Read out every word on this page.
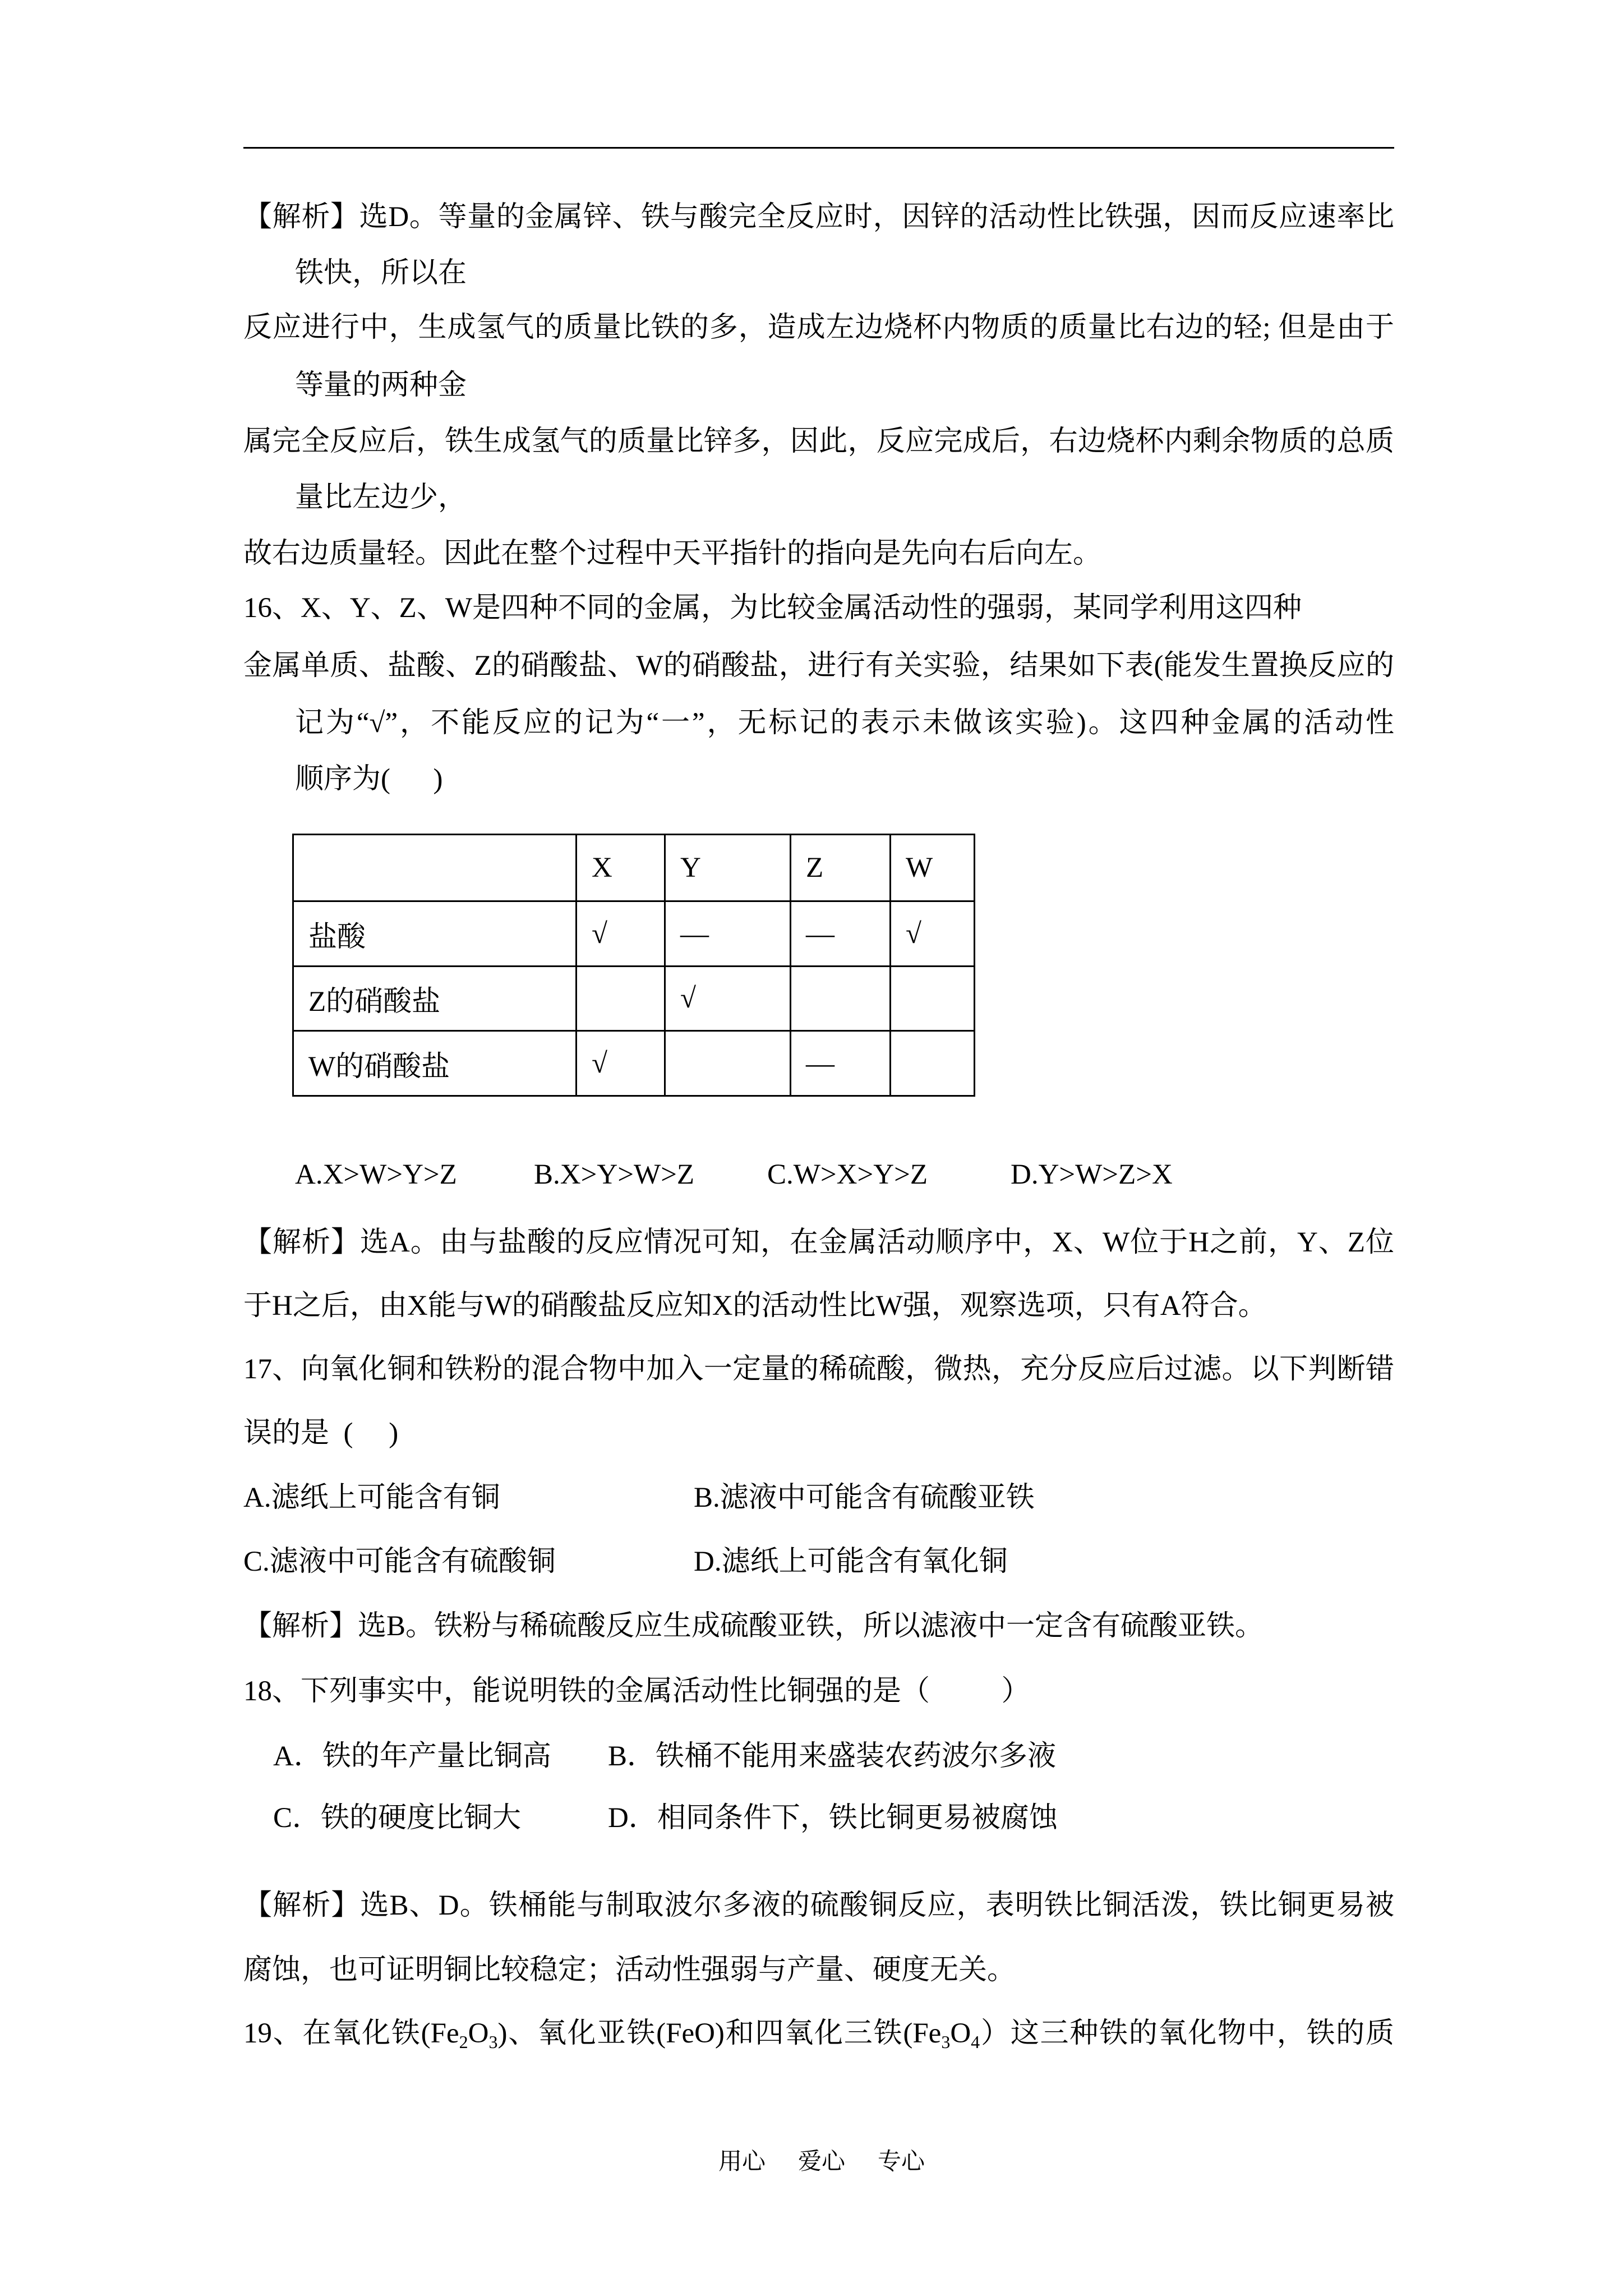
【解析】选D。等量的金属锌、铁与酸完全反应时，因锌的活动性比铁强，因而反应速率比
铁快，所以在
反应进行中，生成氢气的质量比铁的多，造成左边烧杯内物质的质量比右边的轻; 但是由于
等量的两种金
属完全反应后，铁生成氢气的质量比锌多，因此，反应完成后，右边烧杯内剩余物质的总质
量比左边少，
故右边质量轻。因此在整个过程中天平指针的指向是先向右后向左。
16、X、Y、Z、W是四种不同的金属，为比较金属活动性的强弱，某同学利用这四种
金属单质、盐酸、Z的硝酸盐、W的硝酸盐，进行有关实验，结果如下表(能发生置换反应的
记为“√”，不能反应的记为“一”，无标记的表示未做该实验)。这四种金属的活动性
顺序为(      )
	X	Y	Z	W
盐酸	√	—	—	√
Z的硝酸盐		√		
W的硝酸盐	√		—	
A.X>W>Y>Z	B.X>Y>W>Z	C.W>X>Y>Z	D.Y>W>Z>X
【解析】选A。由与盐酸的反应情况可知，在金属活动顺序中，X、W位于H之前，Y、Z位
于H之后，由X能与W的硝酸盐反应知X的活动性比W强，观察选项，只有A符合。
17、向氧化铜和铁粉的混合物中加入一定量的稀硫酸，微热，充分反应后过滤。以下判断错
误的是  (     )
A.滤纸上可能含有铜	B.滤液中可能含有硫酸亚铁
C.滤液中可能含有硫酸铜	D.滤纸上可能含有氧化铜
【解析】选B。铁粉与稀硫酸反应生成硫酸亚铁，所以滤液中一定含有硫酸亚铁。
18、下列事实中，能说明铁的金属活动性比铜强的是（          ）
A．铁的年产量比铜高 B．铁桶不能用来盛装农药波尔多液
C．铁的硬度比铜大	D．相同条件下，铁比铜更易被腐蚀
【解析】选B、D。铁桶能与制取波尔多液的硫酸铜反应，表明铁比铜活泼，铁比铜更易被
腐蚀，也可证明铜比较稳定；活动性强弱与产量、硬度无关。
19、在氧化铁$(Fe_2O_3)$、氧化亚铁(FeO)和四氧化三铁$(Fe_3O_4)$这三种铁的氧化物中，铁的质
用心 爱心 专心
